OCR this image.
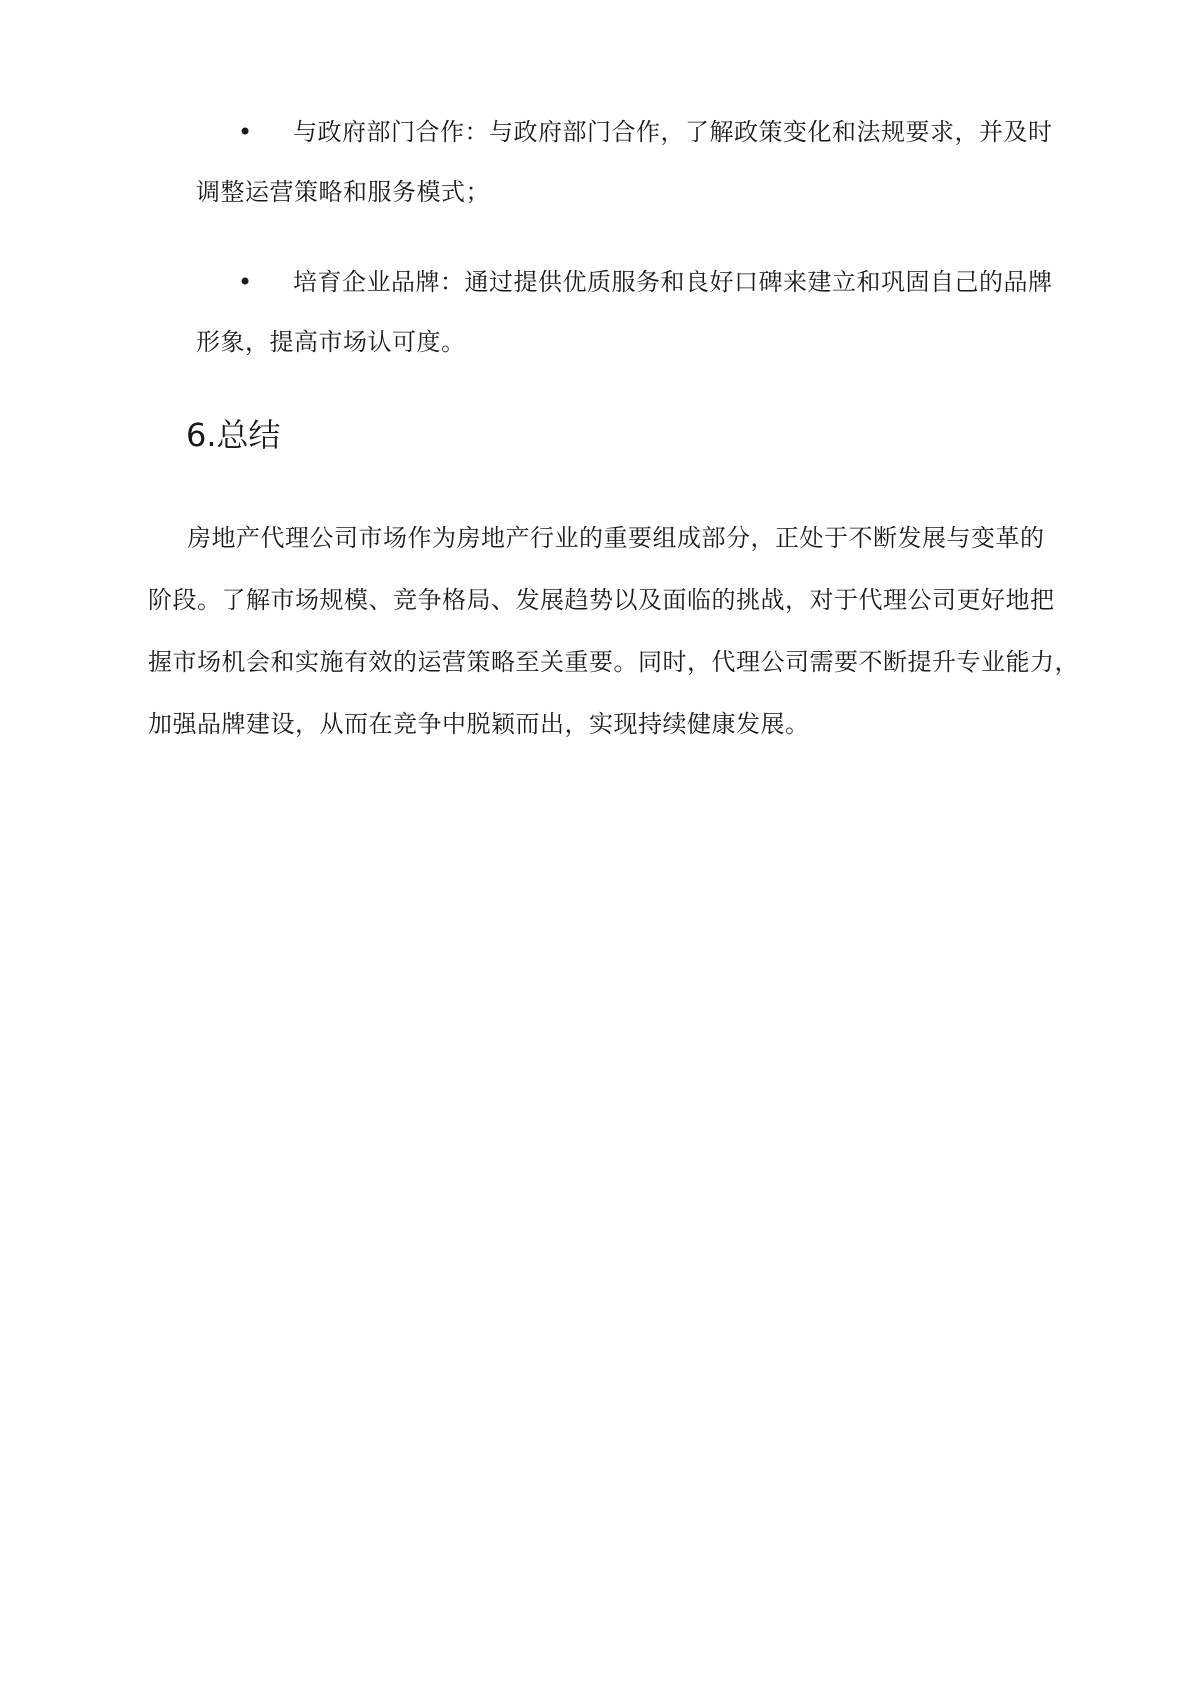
• 与政府部门合作：与政府部门合作，了解政策变化和法规要求，并及时
调整运营策略和服务模式；
• 培育企业品牌：通过提供优质服务和良好口碑来建立和巩固自己的品牌
形象，提高市场认可度。
6.总结
房地产代理公司市场作为房地产行业的重要组成部分，正处于不断发展与变革的
阶段。了解市场规模、竞争格局、发展趋势以及面临的挑战，对于代理公司更好地把
握市场机会和实施有效的运营策略至关重要。同时，代理公司需要不断提升专业能力，
加强品牌建设，从而在竞争中脱颖而出，实现持续健康发展。
